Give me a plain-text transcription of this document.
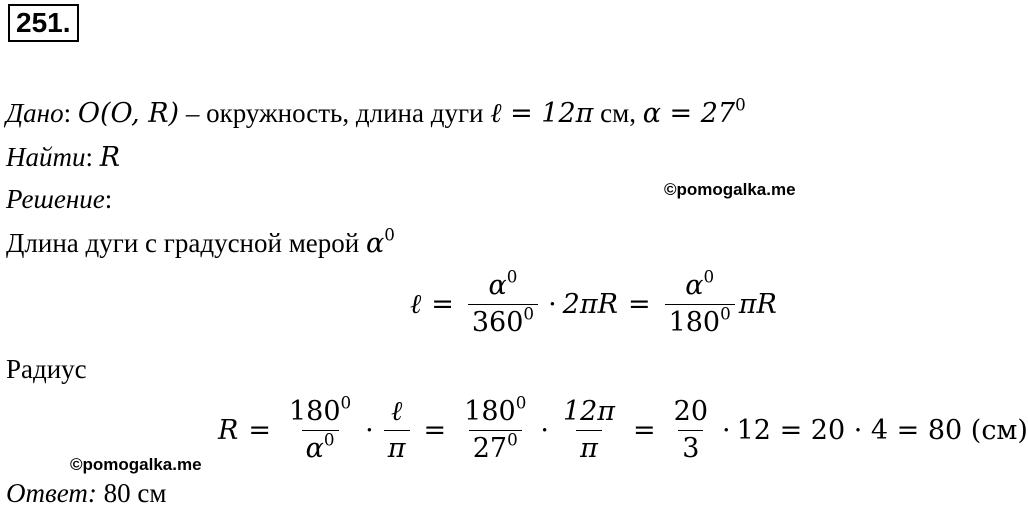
251.
Дано: O(O, R) – окружность, длина дуги ℓ = 12π см, $\alpha = 27^0$
Найти: R
Решение:	©pomogalka.me
Длина дуги с градусной мерой $\alpha^0$
ℓ = $\frac{\alpha^0}{360^0} \cdot 2\pi R = \frac{\alpha^0}{180^0}$ πR
Радиус
$R = \frac{180^0}{\alpha^0} \cdot \frac{\text{ℓ}}{\pi} = \frac{180^0}{27^0} \cdot \frac{12\pi}{\pi} = \frac{20}{3} \cdot 12 = 20 \cdot 4 = 80$ (см)
©pomogalka.me
Ответ: 80 см
